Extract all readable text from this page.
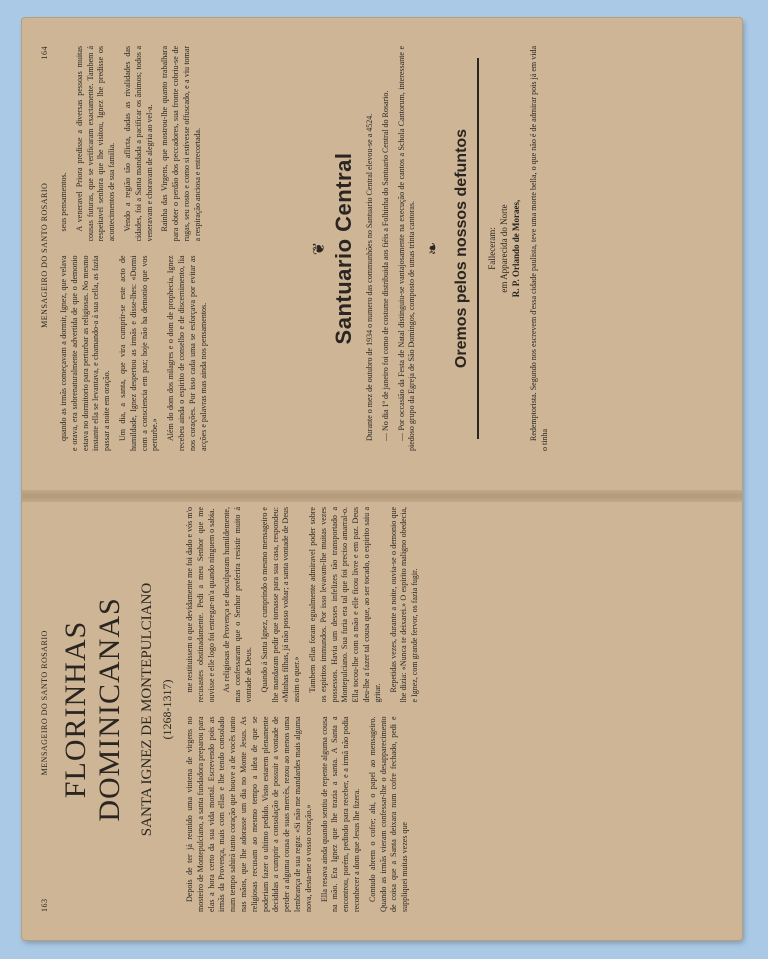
163
MENSAGEIRO DO SANTO ROSARIO FLORINHAS DOMINICANAS SANTA IGNEZ DE MONTEPULCIANO (1268-1317)

Depois de ter já reunido uma vintena de virgens no mosteiro de Montepulciano, a santa fundadora preparou para elas a hora certo da sua vida mortal. Escrevendo pois as irmãs da Provença, mais com ellas e lhe tendo consolado num tempo sahirá tanto coração que houve a de vocês tanto nas mãos, que lhe adorasse um dia no Monte Jesus. As religiosas recusam ao mesmo tempo a idea de que se poderiam fazer o ultimo pedido. Visto estarem plenamente decididas a cumprir a consolação de possuir a vontade de perder a alguma cousa de suas mercês, rezou ao menos uma lembrança de sua regra: «Si não me mandardes mais alguma nova, desta-me o vosso coração.» Ella resava ainda quando sentiu de repente alguma cousa na mão. Era Ignez que lhe trazia a santa. A Santa a encontrou, porém, pedindo para receber, e a irmã não podia reconhecer a dom que Jesus lhe fizera. Contudo abrem o cofre; ahi, o papel ao mensageiro. Quando as irmãs vieram confessar-lhe o desapparecimento de coisa que a Santa deixara num cofre fechado, pedi e suppliquei muitas vezes que

me restituissem o que devidamente me foi dado e vós m'o recusastes obstinadamente. Pedi a meu Senhor que me ouvisse e elle logo foi entregar-m'a quando ninguem o sabia. As religiosas de Provença se desculparam humildemente, mas confessaram que o Senhor preferira resistir muito á vontade de Deus. Quando á Santa Ignez, cumprindo o mesmo mensageiro e lhe mandaram pedir que tornasse para sua casa, respondeu: «Minhas filhas, já não posso voltar; a santa vontade de Deus assim o quer.» Tambem ellas foram egualmente admiravel poder sobre os espiritos immundos. Por isso levavam-lhe muitas vezes possessos. Havia um desses infelizes tão transportado a Montepulciano. Sua furia era tal que foi preciso amarral-o. Ella tocou-lhe com a mão e elle ficou livre e em paz. Deus deu-lhe a fazer tal cousa que, ao ser tocado, o espirito saiu a gritar.

Repetidas vezes, durante a noite, ouvia-se o demonio que lhe dizia: «Nunca te deixarei.» O espirito maligno obedecia, e Ignez, com grande fervor, os fazia fugir.

MENSAGEIRO DO SANTO ROSARIO
164

quando as irmãs começavam a dormir, Ignez, que velava e orava, era sobrenaturalmente advertida de que o demonio estava no dormitorio para perturbar as religiosas. No mesmo instante ella se levantava, e chamando-a á sua cella, as fazia passar a noite em oração. Um dia, a santa, que vira cumprir-se este acto de humildade, Ignez despertou as irmãs e disse-lhes: «Dormi com a consciencia em paz; hoje não ha demonio que vos perturbe.» Além do dom dos milagres e o dom de prophecia, Ignez recebeu ainda o espirito de conselho e de discernimento, lia nos corações. Por isso cada uma se esforçava por evitar as acções e palavras mas ainda nos pensamentos.

seus pensamentos. A veneravel Priora predisse a diversas pessoas muitas cousas futuras, que se verificaram exactamente. Tambem á respeitavel senhora que lhe visitou, Ignez lhe predisse os acontecimentos de sua familia. Vendo a região tão aflicta, dadas as rivalidades das cidades, foi a Santa mandada a pacificar os ânimos; todos a veneravam e choravam de alegria ao vel-a. Rainha das Virgens, que mostrou-lhe quanto trabalhara para obter o perdão dos peccadores, sua fronte cobriu-se de rugas, seu rosto e como si estivesse offuscado, e a viu tomar a respiração anciosa e entrecortada.

❦ Santuario Central Durante o mez de outubro de 1934 o numero das communhões no Santuario Central elevou-se a 4524. — No dia 1º de janeiro foi como de costume distribuida aos fiéis a Folhinha do Santuario Central do Rosario. — Por occasião da Festa de Natal distinguiu-se vantajosamente na execução de cantos a Schola Cantorum, interessante e piedoso grupo da Egreja de São Domingos, composto de umas trinta cantoras. ❧ Oremos pelos nossos defuntos Falleceram: em Apparecida do Norte R. P. Orlando de Moraes, Redemptorista. Segundo nos escrevem d'essa cidade paulista, teve uma morte bella, o que não é de admirar pois já em vida o tinha
